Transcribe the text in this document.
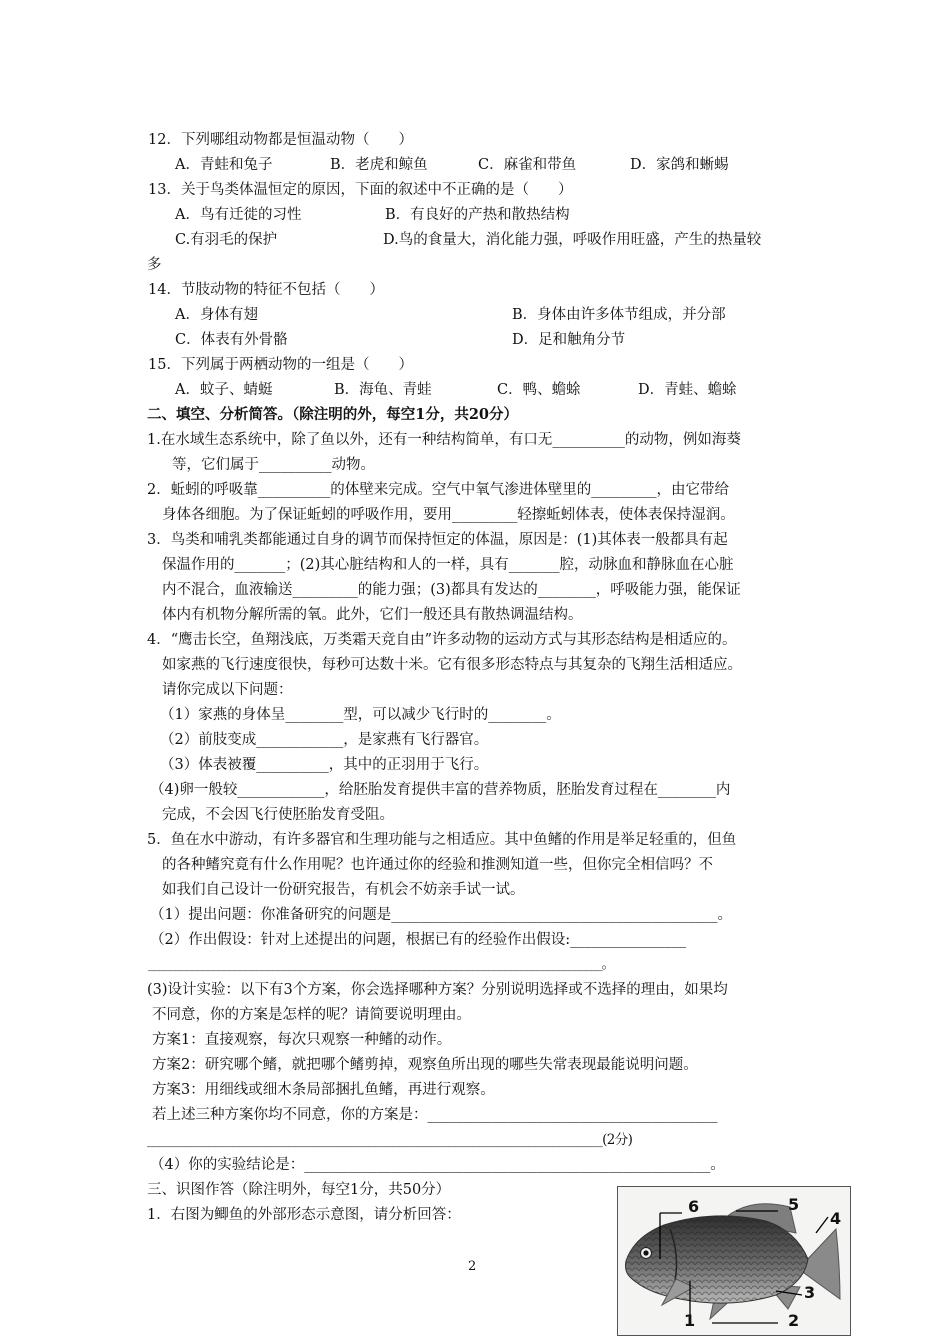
12．下列哪组动物都是恒温动物（　　）
A．青蛙和兔子	B．老虎和鲸鱼	C．麻雀和带鱼	D．家鸽和蜥蜴
13．关于鸟类体温恒定的原因，下面的叙述中不正确的是（　　）
A．鸟有迁徙的习性	B．有良好的产热和散热结构
C.有羽毛的保护	D.鸟的食量大，消化能力强，呼吸作用旺盛，产生的热量较
多
14．节肢动物的特征不包括（　　）
A．身体有翅	B．身体由许多体节组成，并分部
C．体表有外骨骼	D．足和触角分节
15．下列属于两栖动物的一组是（　　）
A．蚊子、蜻蜓	B．海龟、青蛙	C．鸭、蟾蜍	D．青蛙、蟾蜍
二、填空、分析简答。（除注明的外，每空1分，共20分）
1.在水域生态系统中，除了鱼以外，还有一种结构简单，有口无__________的动物，例如海葵
等，它们属于__________动物。
2．蚯蚓的呼吸靠__________的体壁来完成。空气中氧气渗进体壁里的_________，由它带给
身体各细胞。为了保证蚯蚓的呼吸作用，要用_________轻擦蚯蚓体表，使体表保持湿润。
3．鸟类和哺乳类都能通过自身的调节而保持恒定的体温，原因是：(1)其体表一般都具有起
保温作用的_______；(2)其心脏结构和人的一样，具有_______腔，动脉血和静脉血在心脏
内不混合，血液输送_________的能力强；(3)都具有发达的________，呼吸能力强，能保证
体内有机物分解所需的氧。此外，它们一般还具有散热调温结构。
4．“鹰击长空，鱼翔浅底，万类霜天竞自由”许多动物的运动方式与其形态结构是相适应的。
如家燕的飞行速度很快，每秒可达数十米。它有很多形态特点与其复杂的飞翔生活相适应。
请你完成以下问题：
（1）家燕的身体呈________型，可以减少飞行时的________。
（2）前肢变成____________，是家燕有飞行器官。
（3）体表被覆__________，其中的正羽用于飞行。
（4)卵一般较____________，给胚胎发育提供丰富的营养物质，胚胎发育过程在________内
完成，不会因飞行使胚胎发育受阻。
5．鱼在水中游动，有许多器官和生理功能与之相适应。其中鱼鳍的作用是举足轻重的，但鱼
的各种鳍究竟有什么作用呢？也许通过你的经验和推测知道一些，但你完全相信吗？不
如我们自己设计一份研究报告，有机会不妨亲手试一试。
（1）提出问题：你准备研究的问题是_____________________________________________。
（2）作出假设：针对上述提出的问题，根据已有的经验作出假设:________________
____________________________________________________________________________________。
(3)设计实验：以下有3个方案，你会选择哪种方案？分别说明选择或不选择的理由，如果均
不同意，你的方案是怎样的呢？请简要说明理由。
方案1：直接观察，每次只观察一种鳍的动作。
方案2：研究哪个鳍，就把哪个鳍剪掉，观察鱼所出现的哪些失常表现最能说明问题。
方案3：用细线或细木条局部捆扎鱼鳍，再进行观察。
若上述三种方案你均不同意，你的方案是：________________________________________
__________________________________________________________________________(2分)
（4）你的实验结论是：________________________________________________________。
三、识图作答（除注明外，每空1分，共50分）
1．右图为鲫鱼的外部形态示意图，请分析回答：
2
6	5
4
3
1	2
